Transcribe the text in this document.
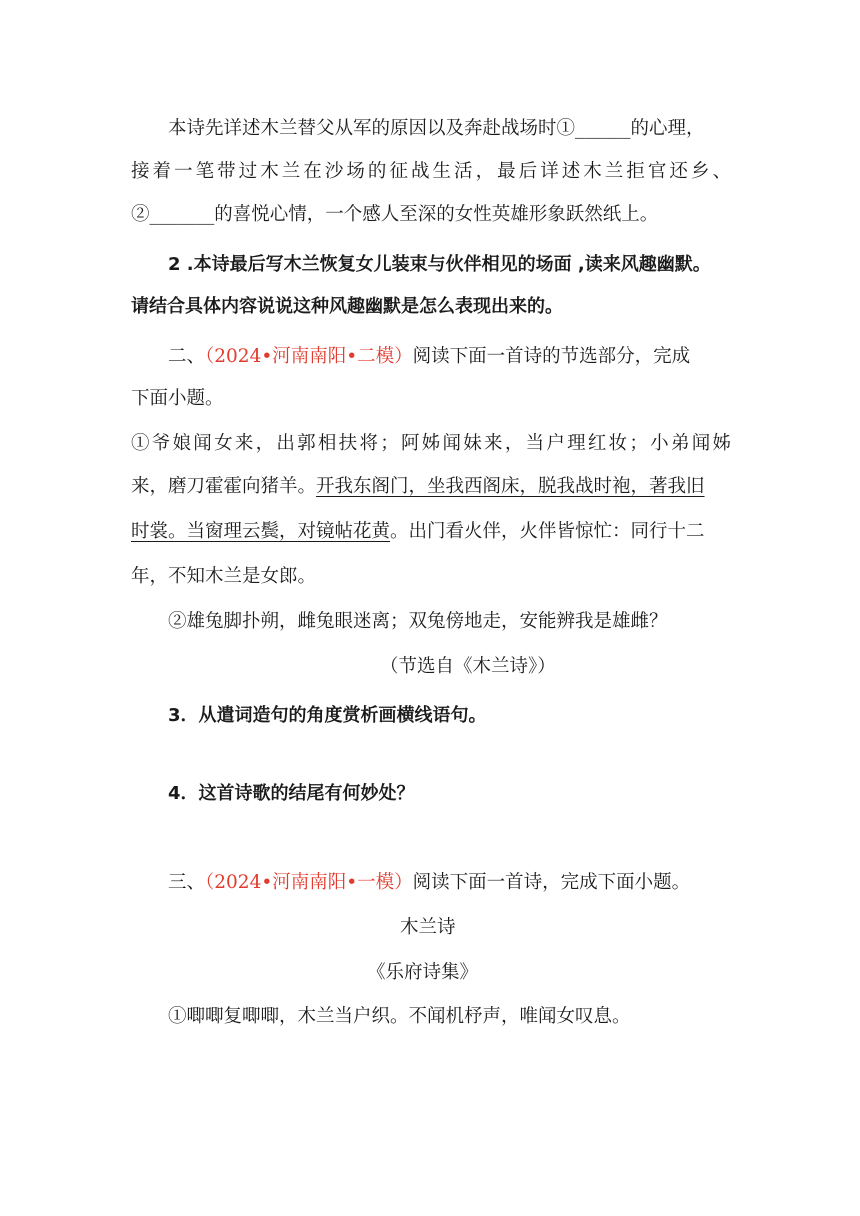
本诗先详述木兰替父从军的原因以及奔赴战场时①______的心理，
接着一笔带过木兰在沙场的征战生活，最后详述木兰拒官还乡、
②_______的喜悦心情，一个感人至深的女性英雄形象跃然纸上。
2 .本诗最后写木兰恢复女儿装束与伙伴相见的场面 ,读来风趣幽默。
请结合具体内容说说这种风趣幽默是怎么表现出来的。
二、（2024•河南南阳•二模）阅读下面一首诗的节选部分，完成
下面小题。
①爷娘闻女来，出郭相扶将；阿姊闻妹来，当户理红妆；小弟闻姊
来，磨刀霍霍向猪羊。开我东阁门，坐我西阁床，脱我战时袍，著我旧
时裳。当窗理云鬓，对镜帖花黄。出门看火伴，火伴皆惊忙：同行十二
年，不知木兰是女郎。
②雄兔脚扑朔，雌兔眼迷离；双兔傍地走，安能辨我是雄雌？
（节选自《木兰诗》）
3．从遣词造句的角度赏析画横线语句。
4．这首诗歌的结尾有何妙处？
三、（2024•河南南阳•一模）阅读下面一首诗，完成下面小题。
木兰诗
《乐府诗集》
①唧唧复唧唧，木兰当户织。不闻机杼声，唯闻女叹息。
